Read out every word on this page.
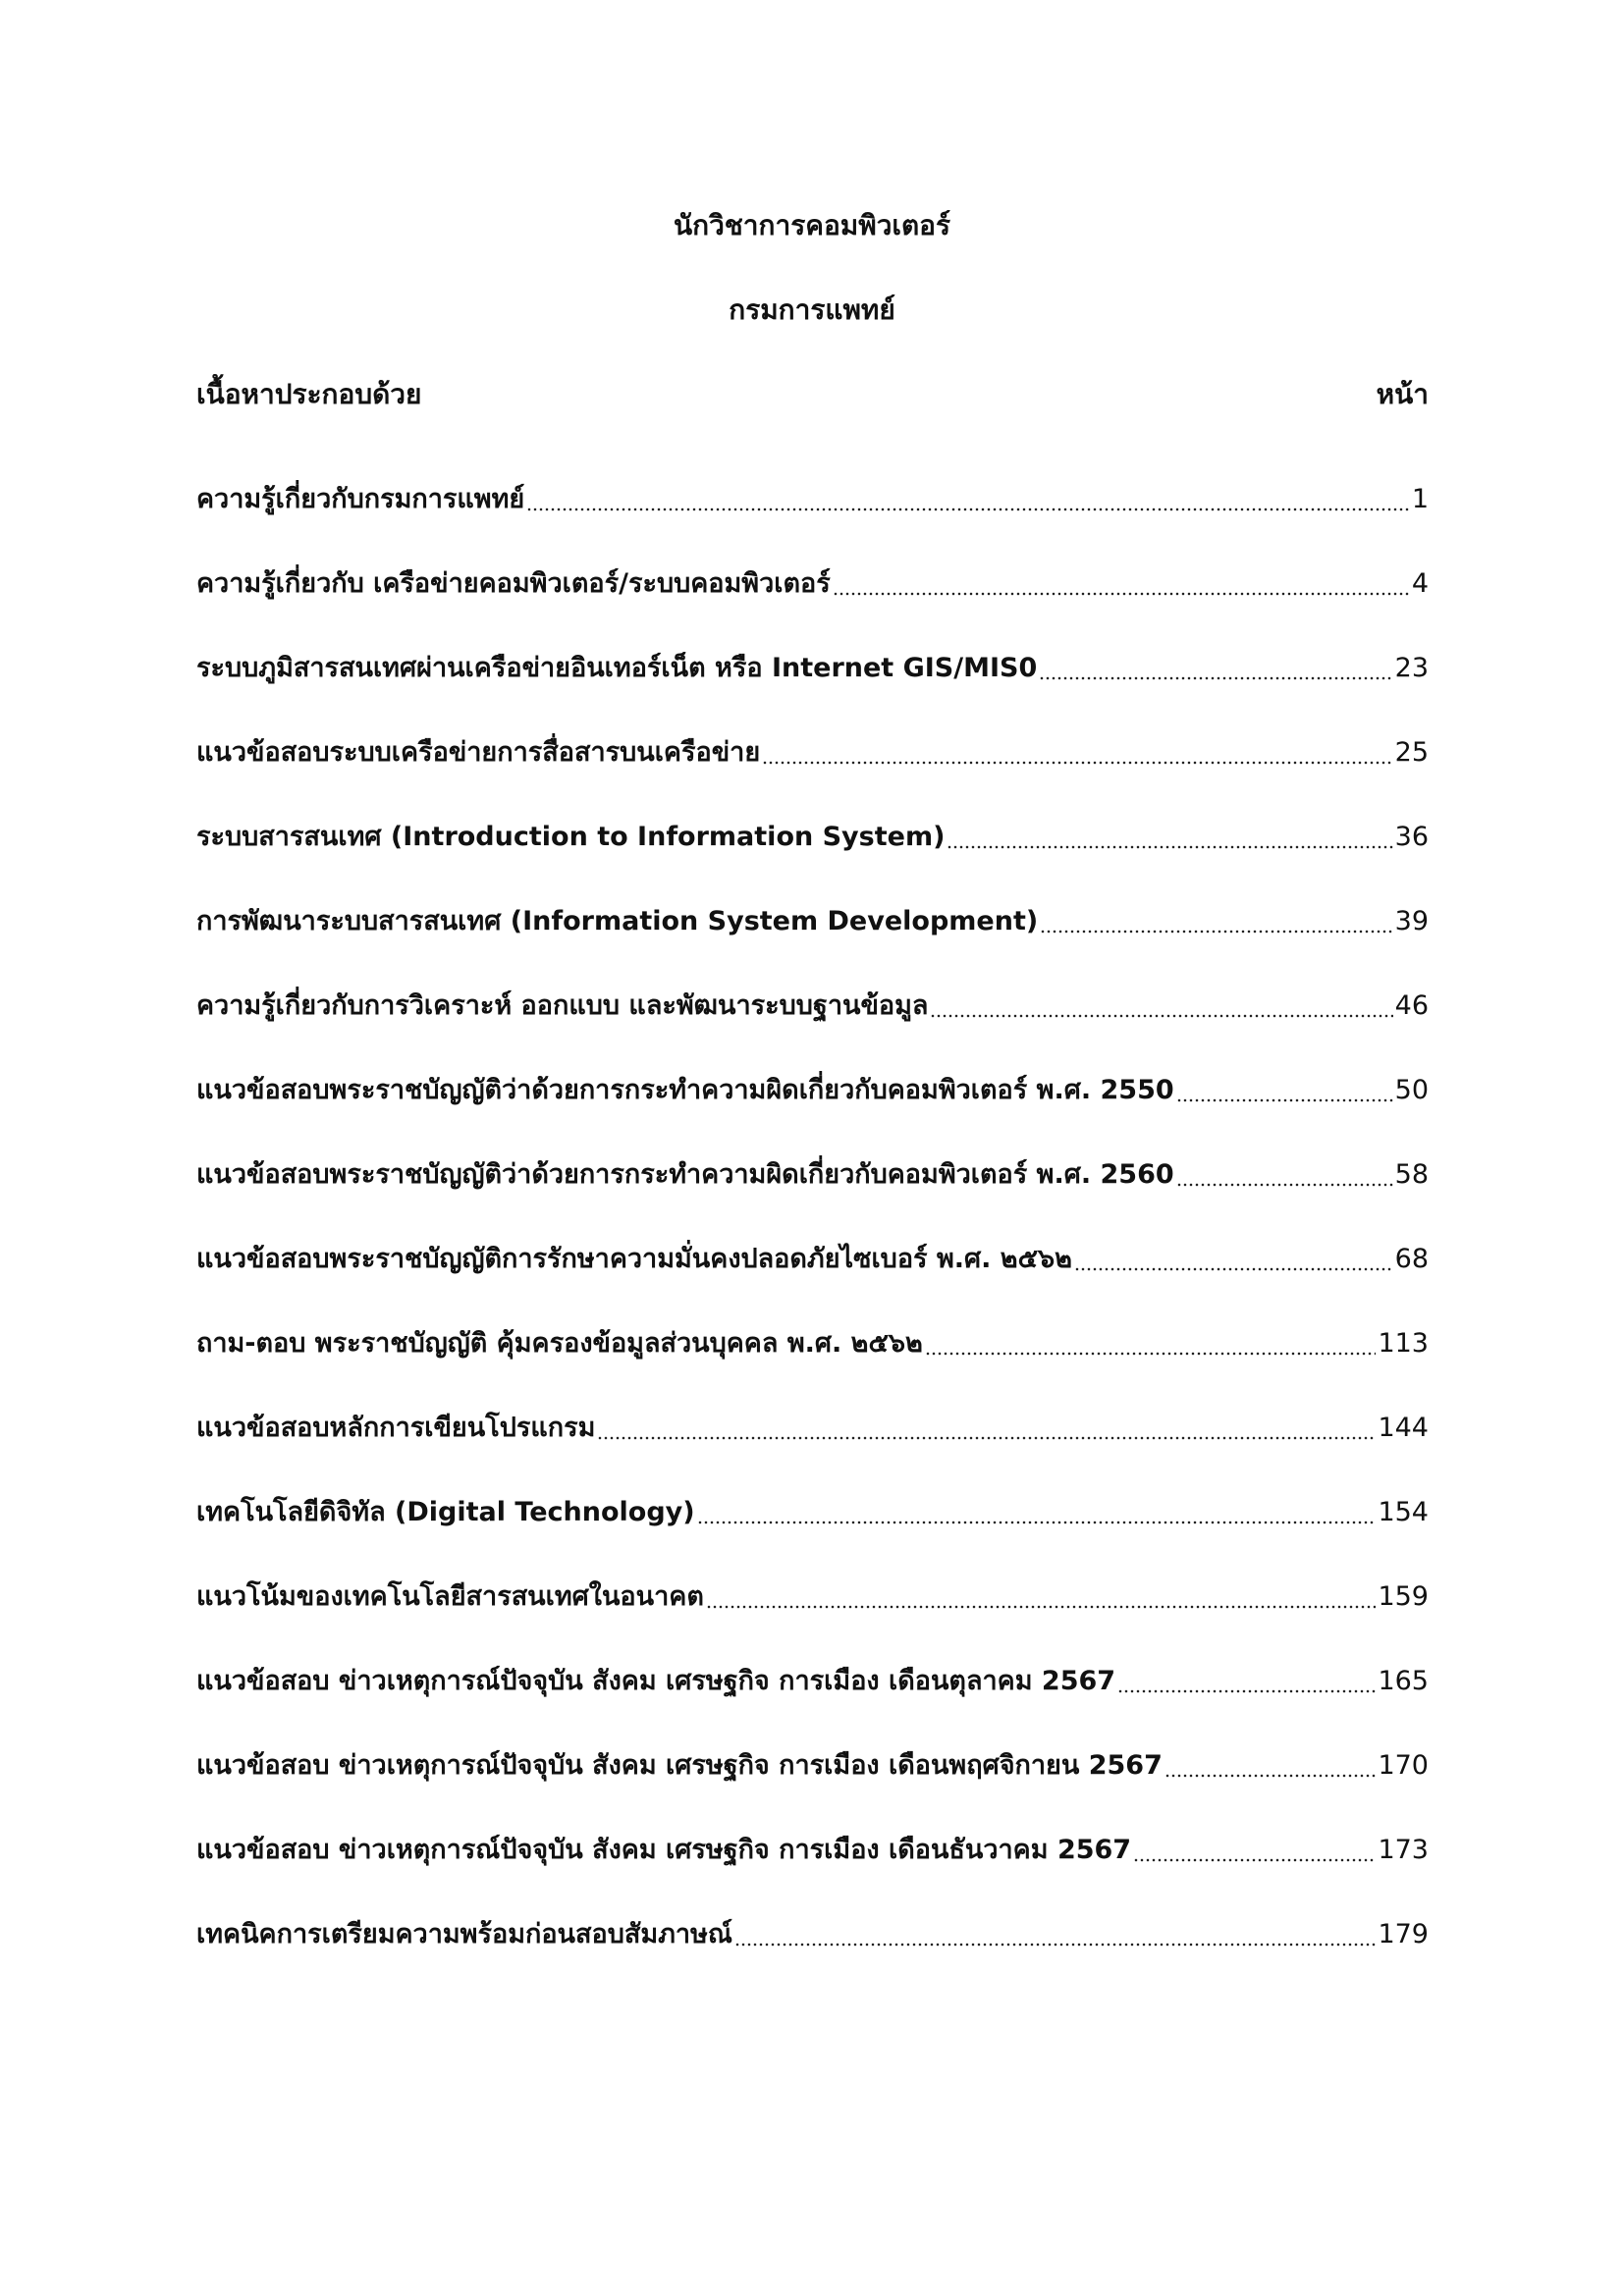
นักวิชาการคอมพิวเตอร์
กรมการแพทย์
เนื้อหาประกอบด้วย	หน้า
ความรู้เกี่ยวกับกรมการแพทย์	1
ความรู้เกี่ยวกับ เครือข่ายคอมพิวเตอร์/ระบบคอมพิวเตอร์	4
ระบบภูมิสารสนเทศผ่านเครือข่ายอินเทอร์เน็ต หรือ Internet GIS/MIS0	23
แนวข้อสอบระบบเครือข่ายการสื่อสารบนเครือข่าย	25
ระบบสารสนเทศ (Introduction to Information System)	36
การพัฒนาระบบสารสนเทศ (Information System Development)	39
ความรู้เกี่ยวกับการวิเคราะห์ ออกแบบ และพัฒนาระบบฐานข้อมูล	46
แนวข้อสอบพระราชบัญญัติว่าด้วยการกระทำความผิดเกี่ยวกับคอมพิวเตอร์ พ.ศ. 2550	50
แนวข้อสอบพระราชบัญญัติว่าด้วยการกระทำความผิดเกี่ยวกับคอมพิวเตอร์ พ.ศ. 2560	58
แนวข้อสอบพระราชบัญญัติการรักษาความมั่นคงปลอดภัยไซเบอร์ พ.ศ. ๒๕๖๒	68
ถาม-ตอบ พระราชบัญญัติ คุ้มครองข้อมูลส่วนบุคคล พ.ศ. ๒๕๖๒	113
แนวข้อสอบหลักการเขียนโปรแกรม	144
เทคโนโลยีดิจิทัล (Digital Technology)	154
แนวโน้มของเทคโนโลยีสารสนเทศในอนาคต	159
แนวข้อสอบ ข่าวเหตุการณ์ปัจจุบัน สังคม เศรษฐกิจ การเมือง เดือนตุลาคม 2567	165
แนวข้อสอบ ข่าวเหตุการณ์ปัจจุบัน สังคม เศรษฐกิจ การเมือง เดือนพฤศจิกายน 2567	170
แนวข้อสอบ ข่าวเหตุการณ์ปัจจุบัน สังคม เศรษฐกิจ การเมือง เดือนธันวาคม 2567	173
เทคนิคการเตรียมความพร้อมก่อนสอบสัมภาษณ์	179
